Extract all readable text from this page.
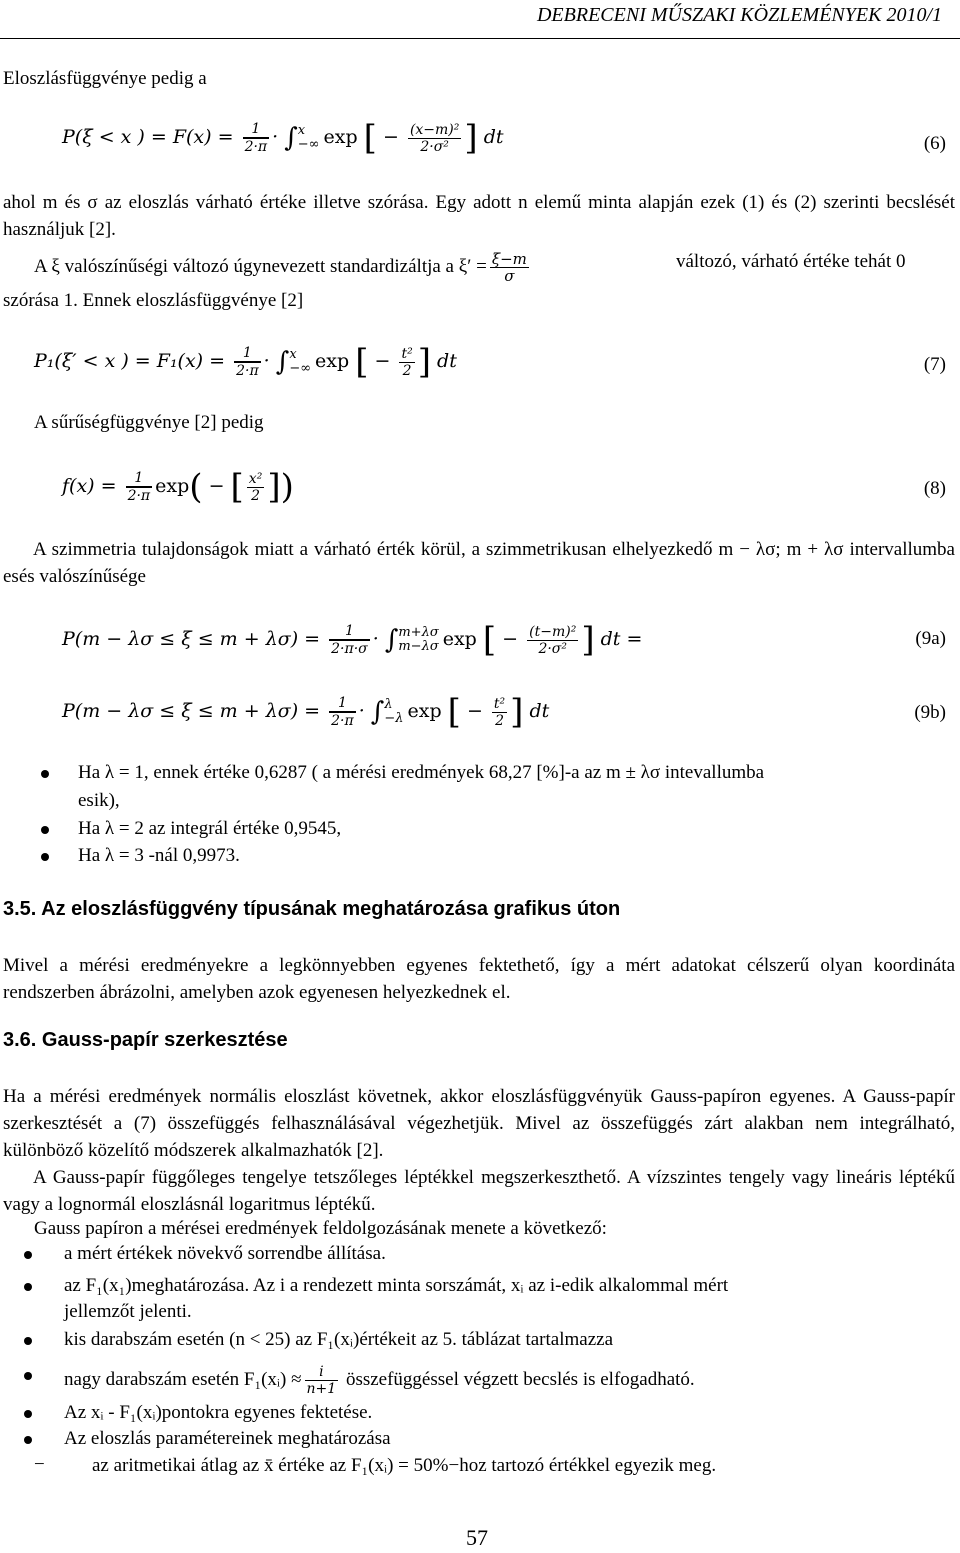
DEBRECENI MŰSZAKI KÖZLEMÉNYEK 2010/1
Eloszlásfüggvénye pedig a
P(ξ < x ) = $F(x) = \frac{1}{2\cdot\pi}$ · ∫ x
−∞ exp [ − $\frac{\text{(x−m)²}}{\text{2·σ²}}$ ] dt	(6)
ahol m és σ az eloszlás várható értéke illetve szórása. Egy adott n elemű minta alapján ezek (1) és (2) szerinti becslését használjuk [2].
A ξ valószínűségi változó úgynevezett standardizáltja a $\xi' = \frac{\xi-m}{\sigma}$	változó, várható értéke tehát 0
szórása 1. Ennek eloszlásfüggvénye [2]
P₁(ξ′ < x ) = $F_1(x) = \frac{1}{2\cdot\pi}$ · ∫ x
−∞ exp [ − $\frac{\text{t²}}{2}$ ] dt	(7)
A sűrűségfüggvénye [2] pedig
$f(x) = \frac{1}{2\cdot\pi} \exp$( − [ $\frac{\text{x²}}{2}$ ])	(8)
A szimmetria tulajdonságok miatt a várható érték körül, a szimmetrikusan elhelyezkedő m − λσ; m + λσ intervallumba esés valószínűsége
$P(m - \lambda\sigma \le \xi \le m + \lambda\sigma) = \frac{1}{2\cdot\pi\cdot\sigma}$ · ∫ m+λσ
m−λσ exp [ − $\frac{\text{(t−m)²}}{\text{2·σ²}}$ ] dt =	(9a)
$P(m - \lambda\sigma \le \xi \le m + \lambda\sigma) = \frac{1}{2\cdot\pi}$ · ∫ λ
−λ exp [ − $\frac{\text{t²}}{2}$ ] dt	(9b)
Ha λ = 1, ennek értéke 0,6287 ( a mérési eredmények 68,27 [%]-a az m ± λσ intevallumba
esik),
Ha λ = 2 az integrál értéke 0,9545,
Ha λ = 3 -nál 0,9973.
3.5. Az eloszlásfüggvény típusának meghatározása grafikus úton
Mivel a mérési eredményekre a legkönnyebben egyenes fektethető, így a mért adatokat célszerű olyan koordináta rendszerben ábrázolni, amelyben azok egyenesen helyezkednek el.
3.6. Gauss-papír szerkesztése
Ha a mérési eredmények normális eloszlást követnek, akkor eloszlásfüggvényük Gauss-papíron egyenes. A Gauss-papír szerkesztését a (7) összefüggés felhasználásával végezhetjük. Mivel az összefüggés zárt alakban nem integrálható, különböző közelítő módszerek alkalmazhatók [2].
A Gauss-papír függőleges tengelye tetszőleges léptékkel megszerkeszthető. A vízszintes tengely vagy lineáris léptékű vagy a lognormál eloszlásnál logaritmus léptékű.
Gauss papíron a mérései eredmények feldolgozásának menete a következő:
a mért értékek növekvő sorrendbe állítása.
az F₁(x₁)meghatározása. Az i a rendezett minta sorszámát, xᵢ az i-edik alkalommal mért
jellemzőt jelenti.
kis darabszám esetén (n < 25) az F₁(xᵢ)értékeit az 5. táblázat tartalmazza
nagy darabszám esetén F₁(xᵢ) ≈ $\frac{i}{n+1}$ összefüggéssel végzett becslés is elfogadható.
Az xᵢ - F₁(xᵢ)pontokra egyenes fektetése.
Az eloszlás paramétereinek meghatározása
− az aritmetikai átlag az x̄ értéke az F₁(xᵢ) = 50%−hoz tartozó értékkel egyezik meg.
57
